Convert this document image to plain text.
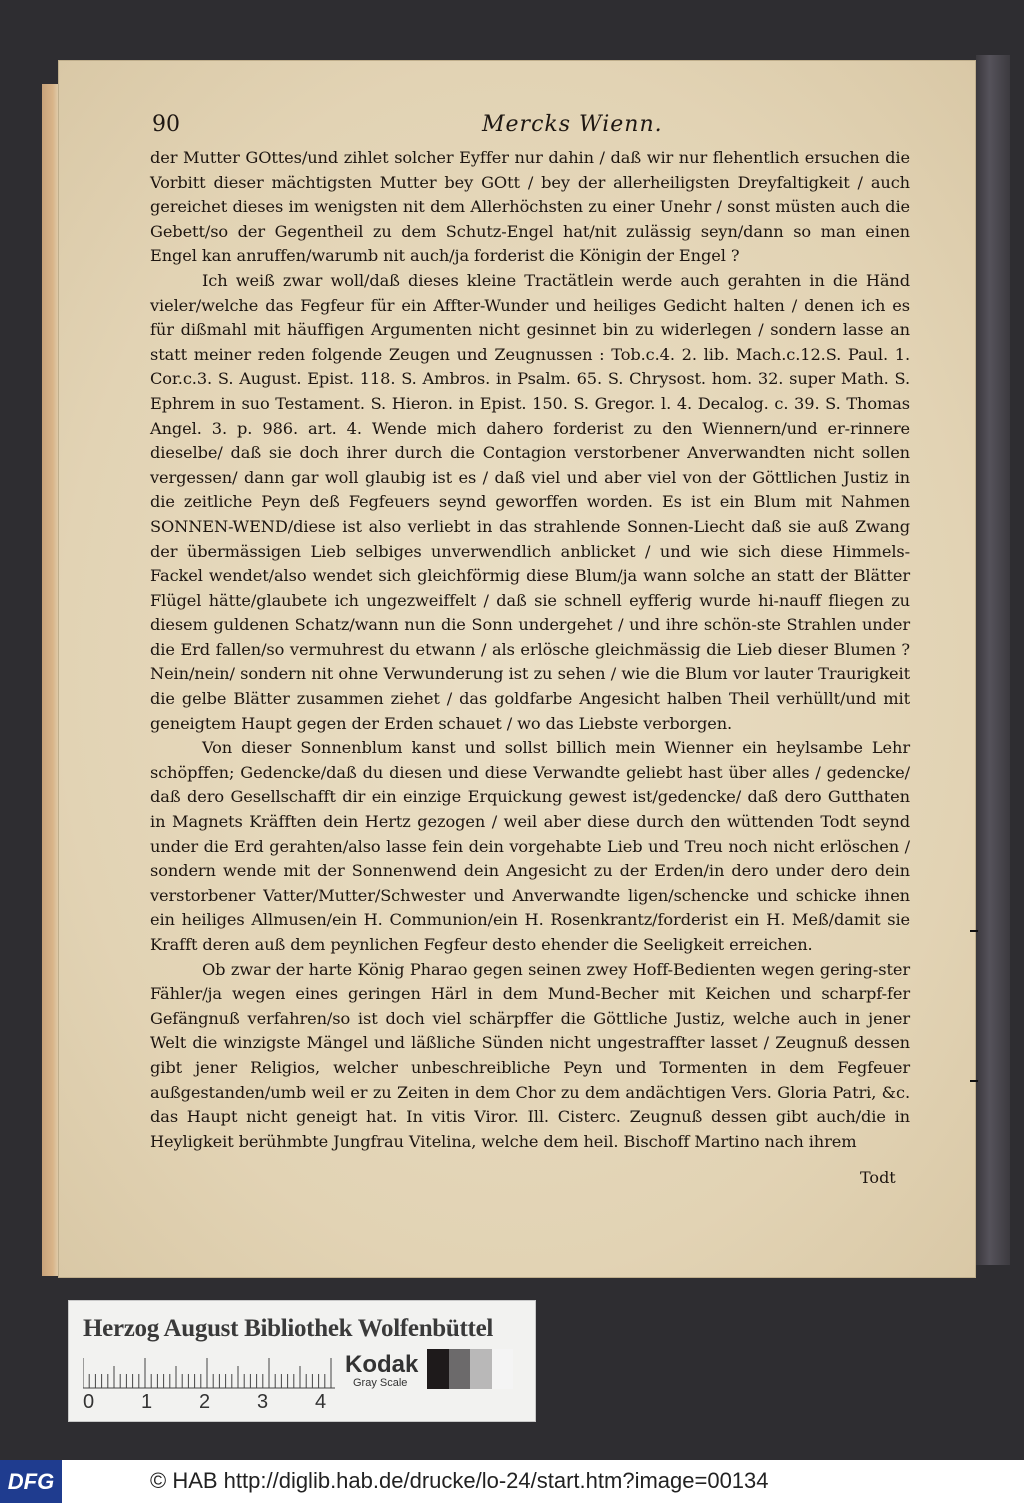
90	Mercks Wienn.

der Mutter GOttes/und zihlet solcher Eyffer nur dahin / daß wir nur flehentlich ersuchen die Vorbitt dieser mächtigsten Mutter bey GOtt / bey der allerheiligsten Dreyfaltigkeit / auch gereichet dieses im wenigsten nit dem Allerhöchsten zu einer Unehr / sonst müsten auch die Gebett/so der Gegentheil zu dem Schutz-Engel hat/nit zulässig seyn/dann so man einen Engel kan anruffen/warumb nit auch/ja forderist die Königin der Engel ?

Ich weiß zwar woll/daß dieses kleine Tractätlein werde auch gerahten in die Händ vieler/welche das Fegfeur für ein Affter-Wunder und heiliges Gedicht halten / denen ich es für dißmahl mit häuffigen Argumenten nicht gesinnet bin zu widerlegen / sondern lasse an statt meiner reden folgende Zeugen und Zeugnussen : Tob.c.4. 2. lib. Mach.c.12.S. Paul. 1. Cor.c.3. S. August. Epist. 118. S. Ambros. in Psalm. 65. S. Chrysost. hom. 32. super Math. S. Ephrem in suo Testament. S. Hieron. in Epist. 150. S. Gregor. l. 4. Decalog. c. 39. S. Thomas Angel. 3. p. 986. art. 4. Wende mich dahero forderist zu den Wiennern/und er-rinnere dieselbe/ daß sie doch ihrer durch die Contagion verstorbener Anverwandten nicht sollen vergessen/ dann gar woll glaubig ist es / daß viel und aber viel von der Göttlichen Justiz in die zeitliche Peyn deß Fegfeuers seynd geworffen worden. Es ist ein Blum mit Nahmen SONNEN-WEND/diese ist also verliebt in das strahlende Sonnen-Liecht daß sie auß Zwang der übermässigen Lieb selbiges unverwendlich anblicket / und wie sich diese Himmels-Fackel wendet/also wendet sich gleichförmig diese Blum/ja wann solche an statt der Blätter Flügel hätte/glaubete ich ungezweiffelt / daß sie schnell eyfferig wurde hi-nauff fliegen zu diesem guldenen Schatz/wann nun die Sonn undergehet / und ihre schön-ste Strahlen under die Erd fallen/so vermuhrest du etwann / als erlösche gleichmässig die Lieb dieser Blumen ? Nein/nein/ sondern nit ohne Verwunderung ist zu sehen / wie die Blum vor lauter Traurigkeit die gelbe Blätter zusammen ziehet / das goldfarbe Angesicht halben Theil verhüllt/und mit geneigtem Haupt gegen der Erden schauet / wo das Liebste verborgen.

Von dieser Sonnenblum kanst und sollst billich mein Wienner ein heylsambe Lehr schöpffen; Gedencke/daß du diesen und diese Verwandte geliebt hast über alles / gedencke/ daß dero Gesellschafft dir ein einzige Erquickung gewest ist/gedencke/ daß dero Gutthaten in Magnets Kräfften dein Hertz gezogen / weil aber diese durch den wüttenden Todt seynd under die Erd gerahten/also lasse fein dein vorgehabte Lieb und Treu noch nicht erlöschen / sondern wende mit der Sonnenwend dein Angesicht zu der Erden/in dero under dero dein verstorbener Vatter/Mutter/Schwester und Anverwandte ligen/schencke und schicke ihnen ein heiliges Allmusen/ein H. Communion/ein H. Rosenkrantz/forderist ein H. Meß/damit sie Krafft deren auß dem peynlichen Fegfeur desto ehender die Seeligkeit erreichen.

Ob zwar der harte König Pharao gegen seinen zwey Hoff-Bedienten wegen gering-ster Fähler/ja wegen eines geringen Härl in dem Mund-Becher mit Keichen und scharpf-fer Gefängnuß verfahren/so ist doch viel schärpffer die Göttliche Justiz, welche auch in jener Welt die winzigste Mängel und läßliche Sünden nicht ungestraffter lasset / Zeugnuß dessen gibt jener Religios, welcher unbeschreibliche Peyn und Tormenten in dem Fegfeuer außgestanden/umb weil er zu Zeiten in dem Chor zu dem andächtigen Vers. Gloria Patri, &c. das Haupt nicht geneigt hat. In vitis Viror. Ill. Cisterc. Zeugnuß dessen gibt auch/die in Heyligkeit berühmbte Jungfrau Vitelina, welche dem heil. Bischoff Martino nach ihrem

Todt
Herzog August Bibliothek Wolfenbüttel
0 1 2 3 4
Kodak
Gray Scale
DFG	© HAB http://diglib.hab.de/drucke/lo-24/start.htm?image=00134
